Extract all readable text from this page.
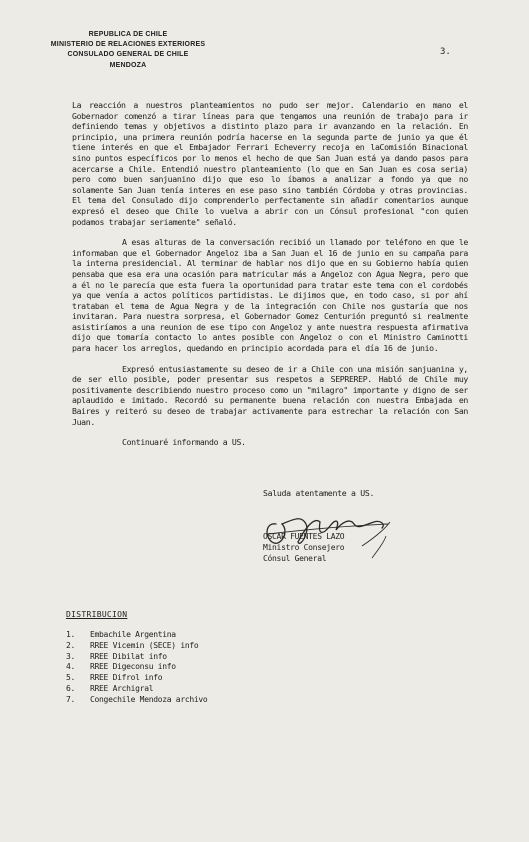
REPUBLICA DE CHILE
MINISTERIO DE RELACIONES EXTERIORES
CONSULADO GENERAL DE CHILE
MENDOZA
3.

La reacción a nuestros planteamientos no pudo ser mejor. Calendario en mano el Gobernador comenzó a tirar líneas para que tengamos una reunión de trabajo para ir definiendo temas y objetivos a distinto plazo para ir avanzando en la relación. En principio, una primera reunión podría hacerse en la segunda parte de junio ya que él tiene interés en que el Embajador Ferrari Echeverry recoja en laComisión Binacional sino puntos específicos por lo menos el hecho de que San Juan está ya dando pasos para acercarse a Chile. Entendió nuestro planteamiento (lo que en San Juan es cosa seria) pero como buen sanjuanino dijo que eso lo íbamos a analizar a fondo ya que no solamente San Juan tenía interes en ese paso sino también Córdoba y otras provincias. El tema del Consulado dijo comprenderlo perfectamente sin añadir comentarios aunque expresó el deseo que Chile lo vuelva a abrir con un Cónsul profesional "con quien podamos trabajar seriamente" señaló.

A esas alturas de la conversación recibió un llamado por teléfono en que le informaban que el Gobernador Angeloz iba a San Juan el 16 de junio en su campaña para la interna presidencial. Al terminar de hablar nos dijo que en su Gobierno había quien pensaba que esa era una ocasión para matricular más a Angeloz con Agua Negra, pero que a él no le parecía que esta fuera la oportunidad para tratar este tema con el cordobés ya que venía a actos políticos partidistas. Le dijimos que, en todo caso, si por ahí trataban el tema de Agua Negra y de la integración con Chile nos gustaría que nos invitaran. Para nuestra sorpresa, el Gobernador Gomez Centurión preguntó si realmente asistiríamos a una reunion de ese tipo con Angeloz y ante nuestra respuesta afirmativa dijo que tomaría contacto lo antes posible con Angeloz o con el Ministro Caminotti para hacer los arreglos, quedando en principio acordada para el día 16 de junio.

Expresó entusiastamente su deseo de ir a Chile con una misión sanjuanina y, de ser ello posible, poder presentar sus respetos a SEPREREP. Habló de Chile muy positivamente describiendo nuestro proceso como un "milagro" importante y digno de ser aplaudido e imitado. Recordó su permanente buena relación con nuestra Embajada en Baires y reiteró su deseo de trabajar activamente para estrechar la relación con San Juan.

Continuaré informando a US.

Saluda atentamente a US.
OSCAR FUENTES LAZO
Ministro Consejero
Cónsul General
DISTRIBUCION
1. Embachile Argentina
2. RREE Vicemin (SECE) info
3. RREE Dibilat info
4. RREE Digeconsu info
5. RREE Difrol info
6. RREE Archigral
7. Congechile Mendoza archivo
